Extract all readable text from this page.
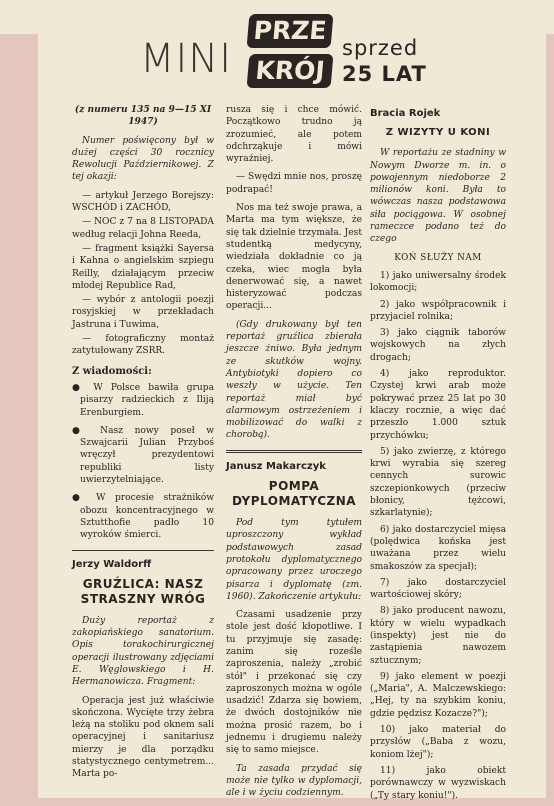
MINI
PRZE
KRÓJ
sprzed
25 LAT

(z numeru 135 na 9—15 XI 1947)

Numer poświęcony był w dużej części 30 rocznicy Rewolucji Październikowej. Z tej okazji:

— artykuł Jerzego Borejszy: WSCHÓD i ZACHÓD,

— NOC z 7 na 8 LISTOPADA według relacji Johna Reeda,

— fragment książki Sayersa i Kahna o angielskim szpiegu Reilly, działającym przeciw młodej Republice Rad,

— wybór z antologii poezji rosyjskiej w przekładach Jastruna i Tuwima,

— fotograficzny montaż zatytułowany ZSRR.

Z wiadomości:

● W Polsce bawiła grupa pisarzy radzieckich z Iliją Erenburgiem.

● Nasz nowy poseł w Szwajcarii Julian Przyboś wręczył prezydentowi republiki listy uwierzytelniające.

● W procesie strażników obozu koncentracyjnego w Sztutthofie padło 10 wyroków śmierci.

Jerzy Waldorff
GRUŹLICA: NASZ STRASZNY WRÓG

Duży reportaż z zakopiańskiego sanatorium. Opis torakochirurgicznej operacji ilustrowany zdjęciami E. Węglowskiego i H. Hermanowicza. Fragment:

Operacja jest już właściwie skończona. Wycięte trzy żebra leżą na stoliku pod oknem sali operacyjnej i sanitariusz mierzy je dla porządku statystycznego centymetrem... Marta po-

rusza się i chce mówić. Początkowo trudno ją zrozumieć, ale potem odchrząkuje i mówi wyraźniej.

— Swędzi mnie nos, proszę podrapać!

Nos ma też swoje prawa, a Marta ma tym większe, że się tak dzielnie trzymała. Jest studentką medycyny, wiedziała dokładnie co ją czeka, wiec mogła była denerwować się, a nawet histeryzować podczas operacji...

(Gdy drukowany był ten reportaż gruźlica zbierała jeszcze żniwo. Była jednym ze skutków wojny. Antybiotyki dopiero co weszły w użycie. Ten reportaż miał być alarmowym ostrzeżeniem i mobilizować do walki z chorobą).

Janusz Makarczyk
POMPA DYPLOMATYCZNA

Pod tym tytułem uproszczony wykład podstawowych zasad protokołu dyplomatycznego opracowany przez uroczego pisarza i dyplomatę (zm. 1960). Zakończenie artykułu:

Czasami usadzenie przy stole jest dość kłopotliwe. I tu przyjmuje się zasadę: zanim się roześle zaproszenia, należy „zrobić stół" i przekonać się czy zaproszonych można w ogóle usadzić! Zdarza się bowiem, że dwóch dostojników nie można prosić razem, bo i jednemu i drugiemu należy się to samo miejsce.

Ta zasada przydać się może nie tylko w dyplomacji, ale i w życiu codziennym.

Bracia Rojek
Z WIZYTY U KONI

W reportażu ze stadniny w Nowym Dworze m. in. o powojennym niedoborze 2 milionów koni. Była to wówczas nasza podstawowa siła pociągowa. W osobnej rameczce podano też do czego

KOŃ SŁUŻY NAM

1) jako uniwersalny środek lokomocji;

2) jako współpracownik i przyjaciel rolnika;

3) jako ciągnik taborów wojskowych na złych drogach;

4) jako reproduktor. Czystej krwi arab może pokrywać przez 25 lat po 30 klaczy rocznie, a więc dać przeszło 1.000 sztuk przychówku;

5) jako zwierzę, z którego krwi wyrabia się szereg cennych surowic szczepionkowych (przeciw błonicy, tężcowi, szkarlatynie);

6) jako dostarczyciel mięsa (polędwica końska jest uważana przez wielu smakoszów za specjał);

7) jako dostarczyciel wartościowej skóry;

8) jako producent nawozu, który w wielu wypadkach (inspekty) jest nie do zastąpienia nawozem sztucznym;

9) jako element w poezji („Maria", A. Malczewskiego: „Hej, ty na szybkim koniu, gdzie pędzisz Kozacze?");

10) jako materiał do przysłów („Baba z wozu, koniom lżej");

11) jako obiekt porównawczy w wyzwiskach („Ty stary koniu!").
